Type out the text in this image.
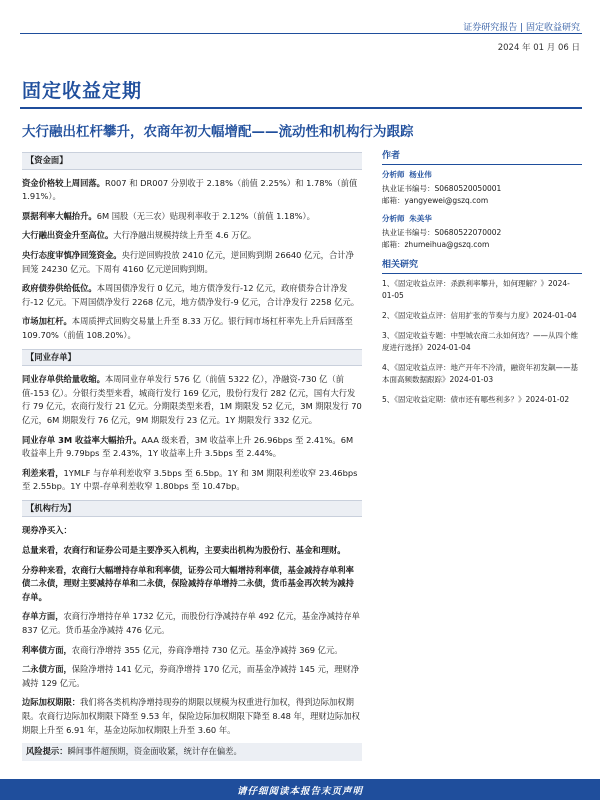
证券研究报告 | 固定收益研究
2024 年 01 月 06 日
固定收益定期
大行融出杠杆攀升，农商年初大幅增配——流动性和机构行为跟踪
【资金面】

资金价格较上周回落。R007 和 DR007 分别收于 2.18%（前值 2.25%）和 1.78%（前值 1.91%）。

票据利率大幅抬升。6M 国股（无三农）贴现利率收于 2.12%（前值 1.18%）。

大行融出资金升至高位。大行净融出规模持续上升至 4.6 万亿。

央行态度审慎净回笼资金。央行逆回购投放 2410 亿元，逆回购到期 26640 亿元，合计净回笼 24230 亿元。下周有 4160 亿元逆回购到期。

政府债券供给低位。本周国债净发行 0 亿元，地方债净发行-12 亿元，政府债券合计净发行-12 亿元。下周国债净发行 2268 亿元，地方债净发行-9 亿元，合计净发行 2258 亿元。

市场加杠杆。本周质押式回购交易量上升至 8.33 万亿。银行间市场杠杆率先上升后回落至 109.70%（前值 108.20%）。

【同业存单】

同业存单供给量收缩。本周同业存单发行 576 亿（前值 5322 亿），净融资-730 亿（前值-153 亿）。分银行类型来看，城商行发行 169 亿元，股份行发行 282 亿元，国有大行发行 79 亿元，农商行发行 21 亿元。分期限类型来看，1M 期限发 52 亿元，3M 期限发行 70 亿元，6M 期限发行 76 亿元，9M 期限发行 23 亿元。1Y 期限发行 332 亿元。

同业存单 3M 收益率大幅抬升。AAA 级来看，3M 收益率上升 26.96bps 至 2.41%。6M 收益率上升 9.79bps 至 2.43%，1Y 收益率上升 3.5bps 至 2.44%。

利差来看，1YMLF 与存单利差收窄 3.5bps 至 6.5bp。1Y 和 3M 期限利差收窄 23.46bps 至 2.55bp。1Y 中票-存单利差收窄 1.80bps 至 10.47bp。

【机构行为】

现券净买入：

总量来看，农商行和证券公司是主要净买入机构，主要卖出机构为股份行、基金和理财。

分券种来看，农商行大幅增持存单和利率债，证券公司大幅增持利率债，基金减持存单利率债二永债，理财主要减持存单和二永债，保险减持存单增持二永债，货币基金再次转为减持存单。

存单方面，农商行净增持存单 1732 亿元，而股份行净减持存单 492 亿元，基金净减持存单 837 亿元。货币基金净减持 476 亿元。

利率债方面，农商行净增持 355 亿元，券商净增持 730 亿元。基金净减持 369 亿元。

二永债方面，保险净增持 141 亿元，券商净增持 170 亿元，而基金净减持 145 元，理财净减持 129 亿元。

边际加权期限：我们将各类机构净增持现券的期限以规模为权重进行加权，得到边际加权期限。农商行边际加权期限下降至 9.53 年，保险边际加权期限下降至 8.48 年，理财边际加权期限上升至 6.91 年，基金边际加权期限上升至 3.60 年。

风险提示：瞬间事件超预期，资金面收紧，统计存在偏差。

作者
分析师 杨业伟
执业证书编号：S0680520050001
邮箱：yangyewei@gszq.com
分析师 朱美华
执业证书编号：S0680522070002
邮箱：zhumeihua@gszq.com
相关研究
1、《固定收益点评：杀跌利率攀升，如何理解？》2024-01-05
2、《固定收益点评：信用扩张的节奏与力度》2024-01-04
3、《固定收益专题：中型城农商二永如何选？——从四个维度进行选择》2024-01-04
4、《固定收益点评：地产开年不冷清，融资年初发飙——基本面高频数据跟踪》2024-01-03
5、《固定收益定期：债市还有哪些利多？》2024-01-02
请仔细阅读本报告末页声明
